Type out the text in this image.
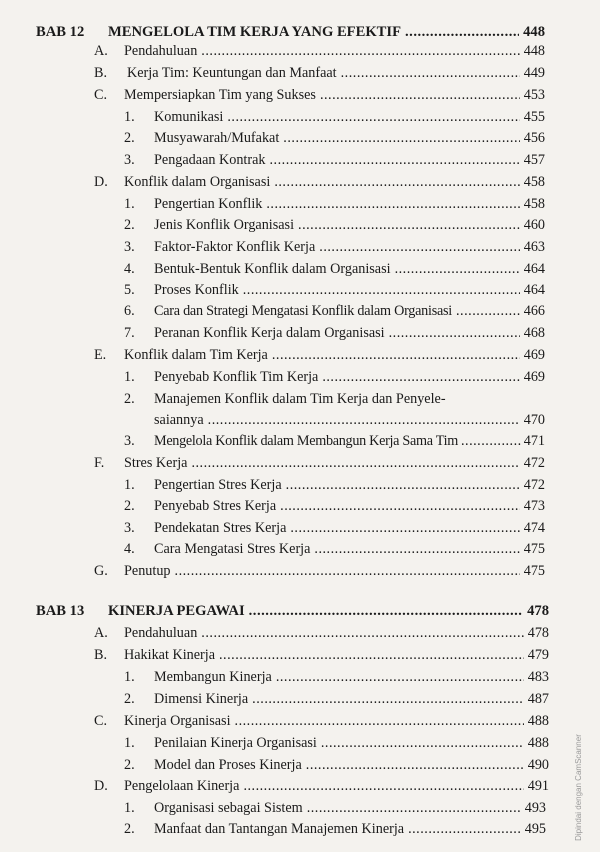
BAB 12	MENGELOLA TIM KERJA YANG EFEKTIF .....	448
A.	Pendahuluan .....	448
B.	Kerja Tim: Keuntungan dan Manfaat .....	449
C.	Mempersiapkan Tim yang Sukses .....	453
1.	Komunikasi .....	455
2.	Musyawarah/Mufakat .....	456
3.	Pengadaan Kontrak .....	457
D.	Konflik dalam Organisasi .....	458
1.	Pengertian Konflik .....	458
2.	Jenis Konflik Organisasi .....	460
3.	Faktor-Faktor Konflik Kerja .....	463
4.	Bentuk-Bentuk Konflik dalam Organisasi .....	464
5.	Proses Konflik .....	464
6.	Cara dan Strategi Mengatasi Konflik dalam Organisasi .....	466
7.	Peranan Konflik Kerja dalam Organisasi .....	468
E.	Konflik dalam Tim Kerja .....	469
1.	Penyebab Konflik Tim Kerja .....	469
2. Manajemen Konflik dalam Tim Kerja dan Penyele-
saiannya .....	470
3.	Mengelola Konflik dalam Membangun Kerja Sama Tim .....	471
F.	Stres Kerja .....	472
1.	Pengertian Stres Kerja .....	472
2.	Penyebab Stres Kerja .....	473
3.	Pendekatan Stres Kerja .....	474
4.	Cara Mengatasi Stres Kerja .....	475
G.	Penutup .....	475
BAB 13	KINERJA PEGAWAI .....	478
A.	Pendahuluan .....	478
B.	Hakikat Kinerja .....	479
1.	Membangun Kinerja .....	483
2.	Dimensi Kinerja .....	487
C.	Kinerja Organisasi .....	488
1.	Penilaian Kinerja Organisasi .....	488
2.	Model dan Proses Kinerja .....	490
D.	Pengelolaan Kinerja .....	491
1.	Organisasi sebagai Sistem .....	493
2.	Manfaat dan Tantangan Manajemen Kinerja .....	495	Dipindai dengan CamScanner
